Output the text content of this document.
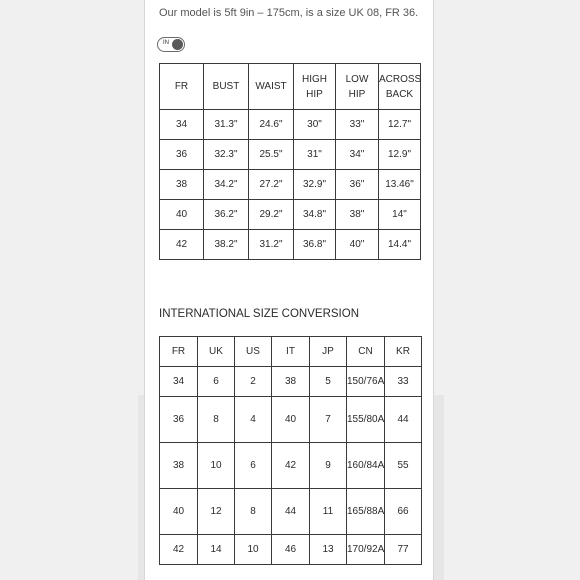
Our model is 5ft 9in – 175cm, is a size UK 08, FR 36.
IN
FR	BUST	WAIST	HIGH HIP	LOW HIP	ACROSS BACK
34	31.3"	24.6"	30"	33"	12.7"
36	32.3"	25.5"	31"	34"	12.9"
38	34.2"	27.2"	32.9"	36"	13.46"
40	36.2"	29.2"	34.8"	38"	14"
42	38.2"	31.2"	36.8"	40"	14.4"
INTERNATIONAL SIZE CONVERSION
FR	UK	US	IT	JP	CN	KR
34	6	2	38	5	150/76A	33
36	8	4	40	7	155/80A	44
38	10	6	42	9	160/84A	55
40	12	8	44	11	165/88A	66
42	14	10	46	13	170/92A	77
